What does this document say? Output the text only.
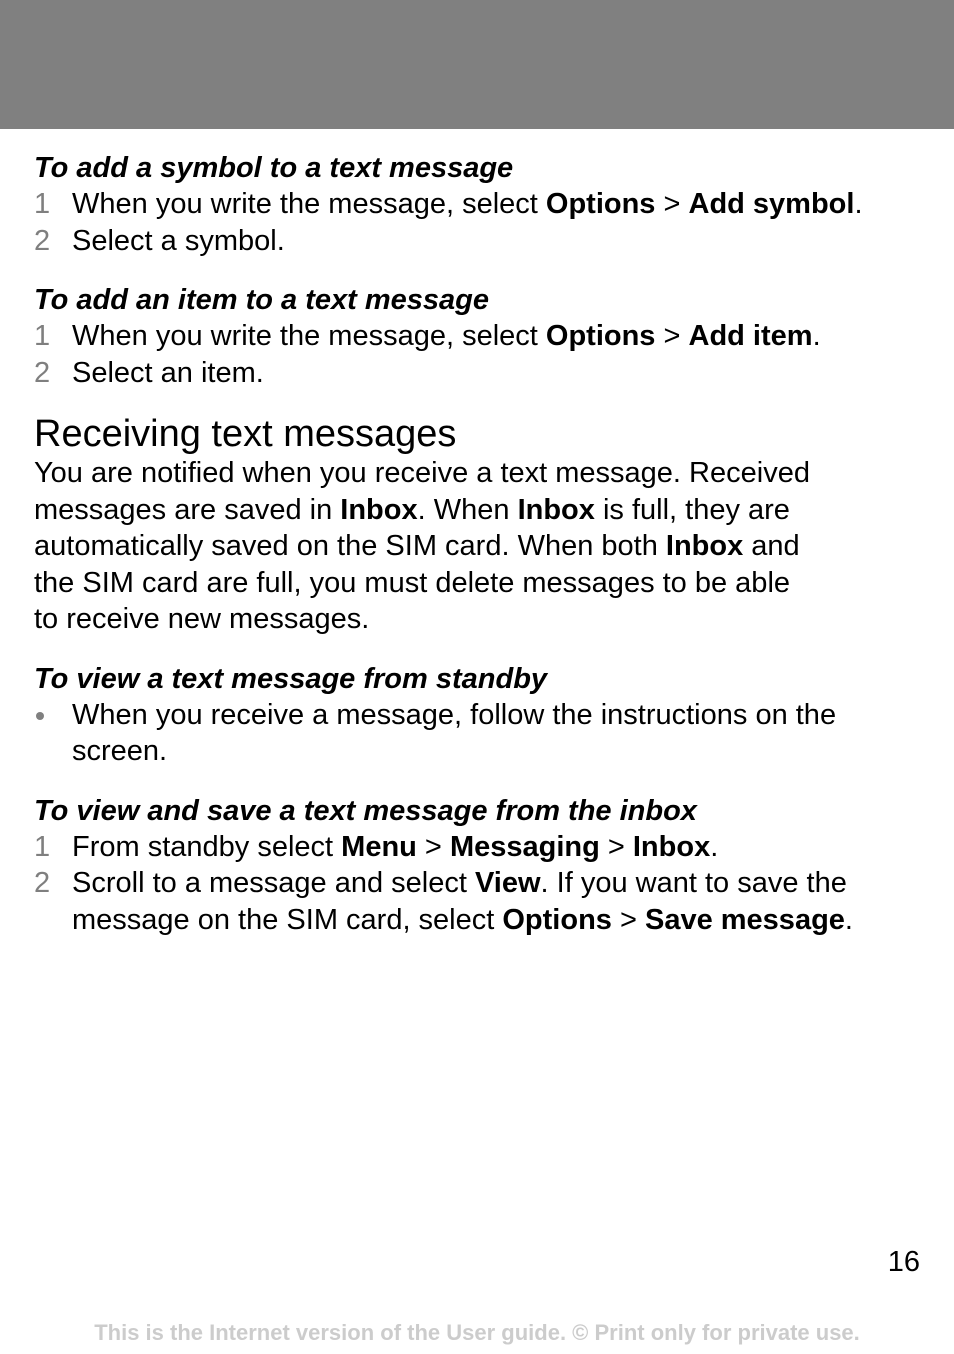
To add a symbol to a text message
1 When you write the message, select Options > Add symbol.
2 Select a symbol.
To add an item to a text message
1 When you write the message, select Options > Add item.
2 Select an item.
Receiving text messages

You are notified when you receive a text message. Received
messages are saved in Inbox. When Inbox is full, they are
automatically saved on the SIM card. When both Inbox and
the SIM card are full, you must delete messages to be able
to receive new messages.

To view a text message from standby
When you receive a message, follow the instructions on the
screen.
To view and save a text message from the inbox
1 From standby select Menu > Messaging > Inbox.
2 Scroll to a message and select View. If you want to save the
message on the SIM card, select Options > Save message.
16
This is the Internet version of the User guide. © Print only for private use.
